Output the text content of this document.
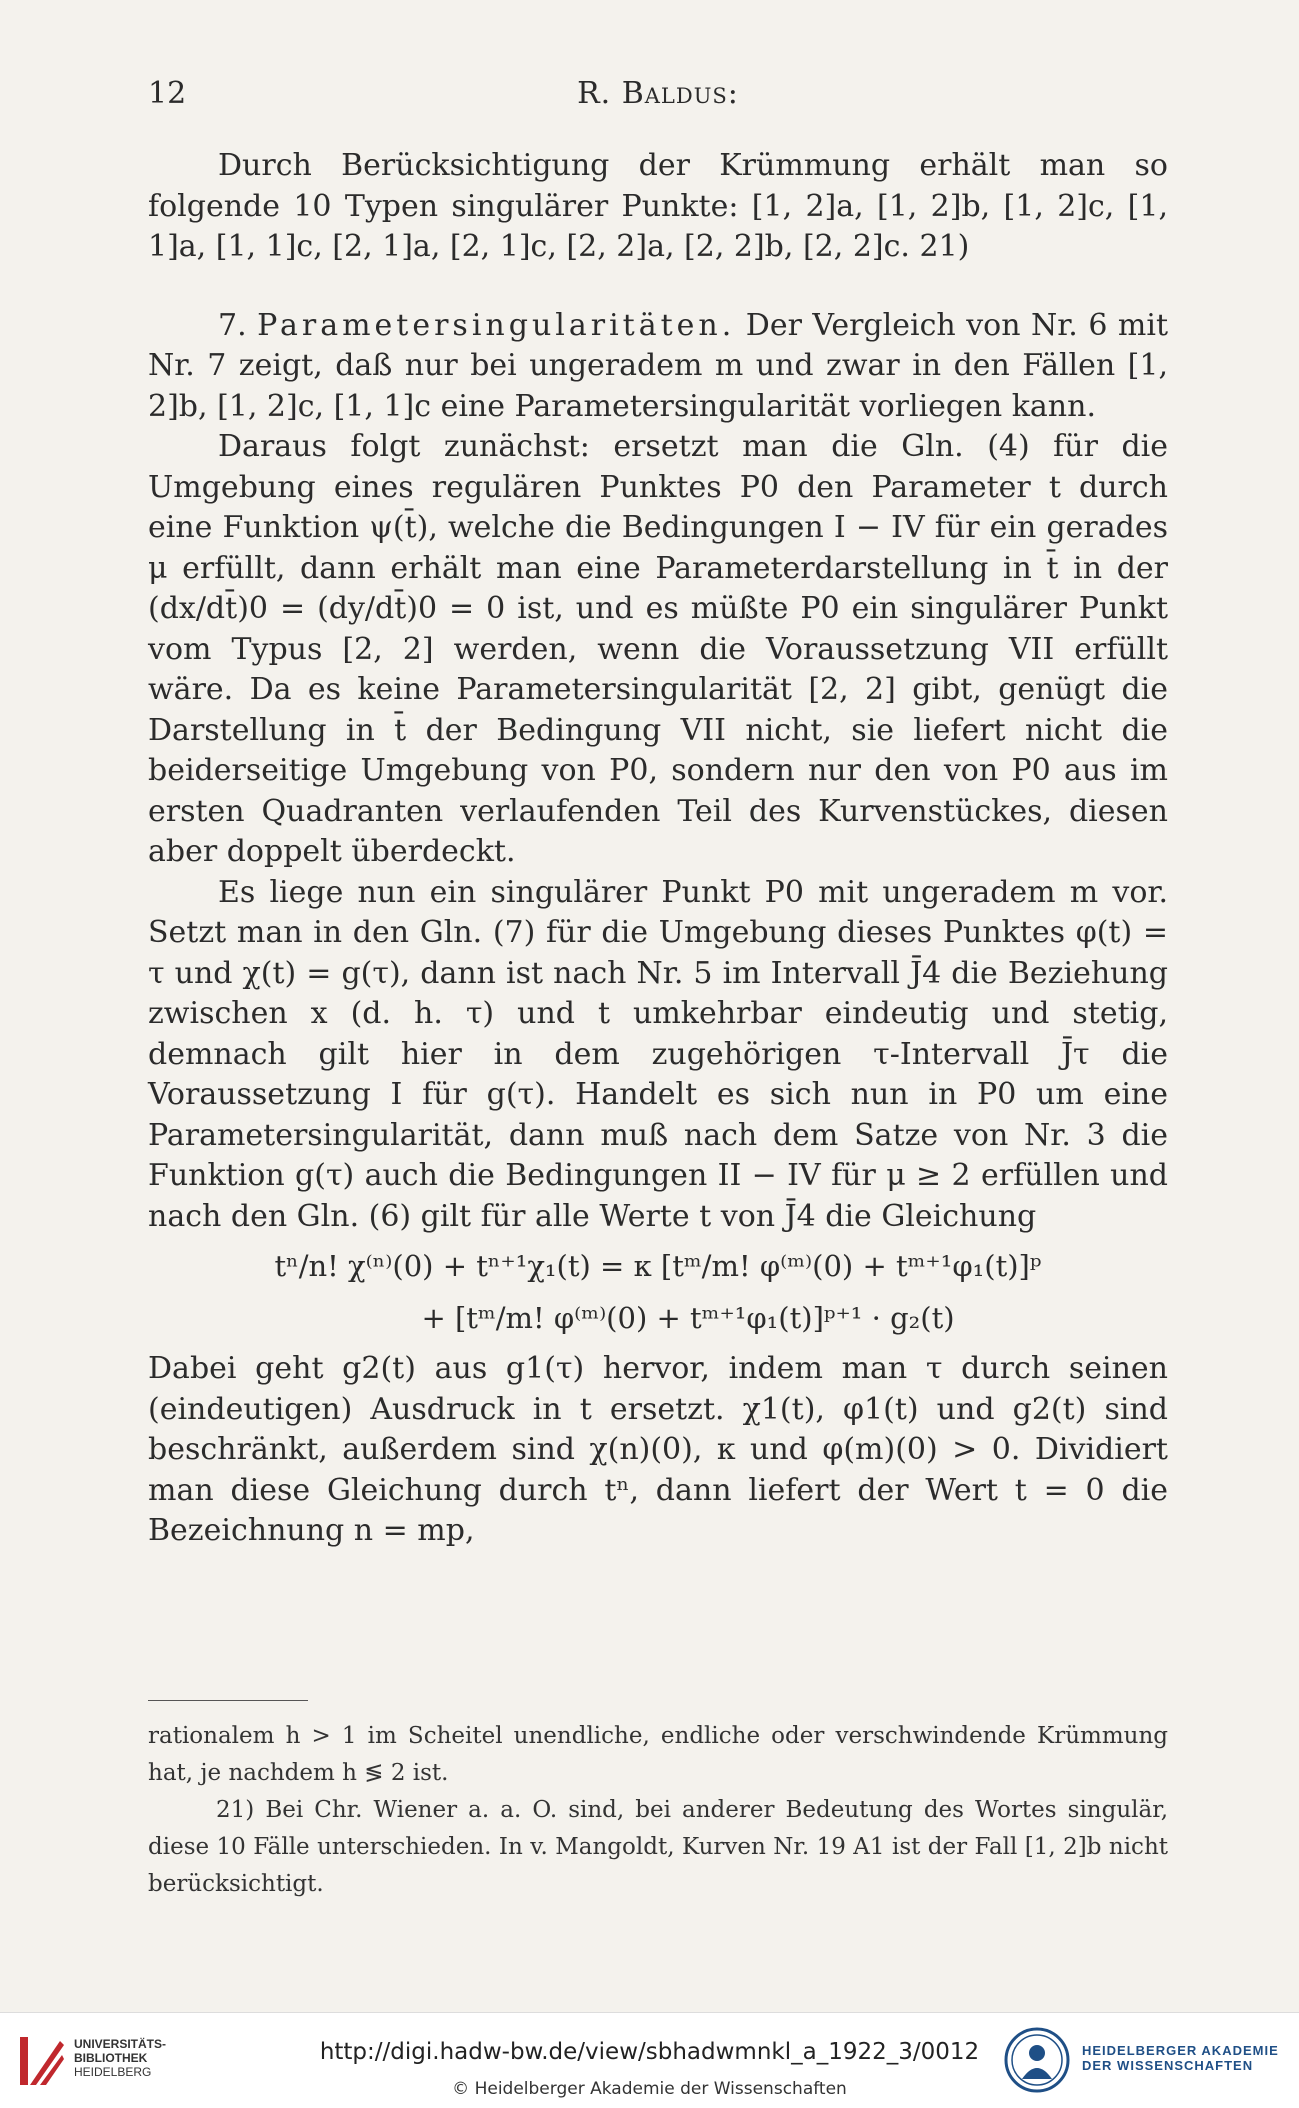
12	R. Baldus:

Durch Berücksichtigung der Krümmung erhält man so folgende 10 Typen singulärer Punkte: [1, 2]a, [1, 2]b, [1, 2]c, [1, 1]a, [1, 1]c, [2, 1]a, [2, 1]c, [2, 2]a, [2, 2]b, [2, 2]c. 21)

7. Parametersingularitäten. Der Vergleich von Nr. 6 mit Nr. 7 zeigt, daß nur bei ungeradem m und zwar in den Fällen [1, 2]b, [1, 2]c, [1, 1]c eine Parametersingularität vorliegen kann.

Daraus folgt zunächst: ersetzt man die Gln. (4) für die Umgebung eines regulären Punktes P0 den Parameter t durch eine Funktion ψ(t̄), welche die Bedingungen I − IV für ein gerades μ erfüllt, dann erhält man eine Parameterdarstellung in t̄ in der (dx/dt̄)0 = (dy/dt̄)0 = 0 ist, und es müßte P0 ein singulärer Punkt vom Typus [2, 2] werden, wenn die Voraussetzung VII erfüllt wäre. Da es keine Parametersingularität [2, 2] gibt, genügt die Darstellung in t̄ der Bedingung VII nicht, sie liefert nicht die beiderseitige Umgebung von P0, sondern nur den von P0 aus im ersten Quadranten verlaufenden Teil des Kurvenstückes, diesen aber doppelt überdeckt.

Es liege nun ein singulärer Punkt P0 mit ungeradem m vor. Setzt man in den Gln. (7) für die Umgebung dieses Punktes φ(t) = τ und χ(t) = g(τ), dann ist nach Nr. 5 im Intervall J̄4 die Beziehung zwischen x (d. h. τ) und t umkehrbar eindeutig und stetig, demnach gilt hier in dem zugehörigen τ-Intervall J̄τ die Voraussetzung I für g(τ). Handelt es sich nun in P0 um eine Parametersingularität, dann muß nach dem Satze von Nr. 3 die Funktion g(τ) auch die Bedingungen II − IV für μ ≥ 2 erfüllen und nach den Gln. (6) gilt für alle Werte t von J̄4 die Gleichung

tⁿ/n! χ⁽ⁿ⁾(0) + tⁿ⁺¹χ₁(t) = κ [tᵐ/m! φ⁽ᵐ⁾(0) + tᵐ⁺¹φ₁(t)]ᵖ
+ [tᵐ/m! φ⁽ᵐ⁾(0) + tᵐ⁺¹φ₁(t)]ᵖ⁺¹ · g₂(t)

Dabei geht g2(t) aus g1(τ) hervor, indem man τ durch seinen (eindeutigen) Ausdruck in t ersetzt. χ1(t), φ1(t) und g2(t) sind beschränkt, außerdem sind χ(n)(0), κ und φ(m)(0) > 0. Dividiert man diese Gleichung durch tⁿ, dann liefert der Wert t = 0 die Bezeichnung n = mp,

rationalem h > 1 im Scheitel unendliche, endliche oder verschwindende Krümmung hat, je nachdem h ≶ 2 ist.

21) Bei Chr. Wiener a. a. O. sind, bei anderer Bedeutung des Wortes singulär, diese 10 Fälle unterschieden. In v. Mangoldt, Kurven Nr. 19 A1 ist der Fall [1, 2]b nicht berücksichtigt.

UNIVERSITÄTS-
BIBLIOTHEK
HEIDELBERG
http://digi.hadw-bw.de/view/sbhadwmnkl_a_1922_3/0012
© Heidelberger Akademie der Wissenschaften
HEIDELBERGER AKADEMIE
DER WISSENSCHAFTEN
